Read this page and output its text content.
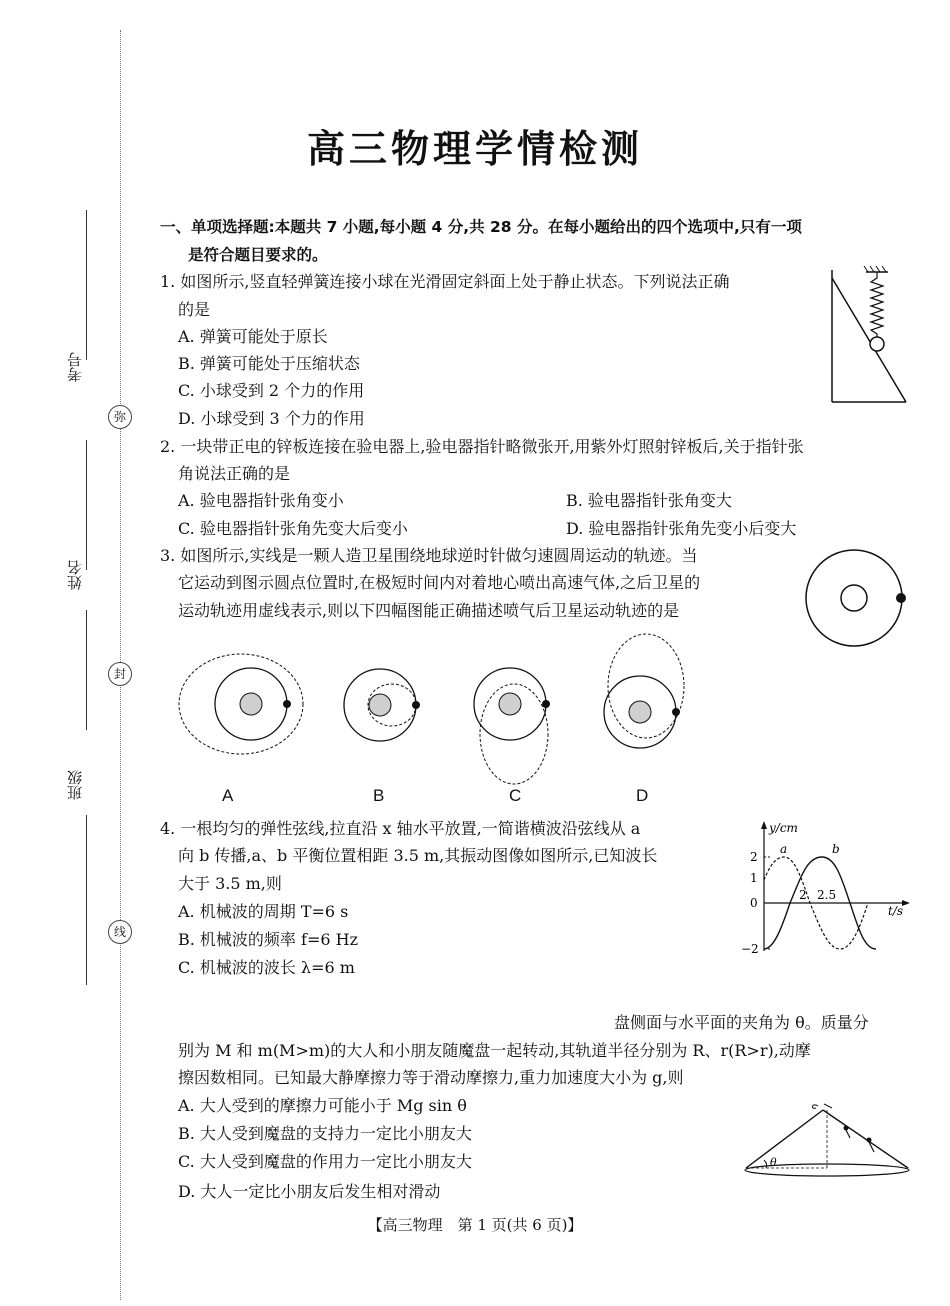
考号
弥
姓名
封
班级
线
高三物理学情检测
一、单项选择题:本题共 7 小题,每小题 4 分,共 28 分。在每小题给出的四个选项中,只有一项
是符合题目要求的。
1. 如图所示,竖直轻弹簧连接小球在光滑固定斜面上处于静止状态。下列说法正确
的是
A. 弹簧可能处于原长
B. 弹簧可能处于压缩状态
C. 小球受到 2 个力的作用
D. 小球受到 3 个力的作用
2. 一块带正电的锌板连接在验电器上,验电器指针略微张开,用紫外灯照射锌板后,关于指针张
角说法正确的是
A. 验电器指针张角变小	B. 验电器指针张角变大
C. 验电器指针张角先变大后变小	D. 验电器指针张角先变小后变大
3. 如图所示,实线是一颗人造卫星围绕地球逆时针做匀速圆周运动的轨迹。当
它运动到图示圆点位置时,在极短时间内对着地心喷出高速气体,之后卫星的
运动轨迹用虚线表示,则以下四幅图能正确描述喷气后卫星运动轨迹的是
A	B	C	D
4. 一根均匀的弹性弦线,拉直沿 x 轴水平放置,一简谐横波沿弦线从 a
向 b 传播,a、b 平衡位置相距 3.5 m,其振动图像如图所示,已知波长
大于 3.5 m,则
A. 机械波的周期 T=6 s
B. 机械波的频率 f=6 Hz
C. 机械波的波长 λ=6 m
y/cm
t/s
2
1
0
−2
2 2.5
a	b
盘侧面与水平面的夹角为 θ。质量分
别为 M 和 m(M>m)的大人和小朋友随魔盘一起转动,其轨道半径分别为 R、r(R>r),动摩
擦因数相同。已知最大静摩擦力等于滑动摩擦力,重力加速度大小为 g,则
A. 大人受到的摩擦力可能小于 Mg sin θ
B. 大人受到魔盘的支持力一定比小朋友大
C. 大人受到魔盘的作用力一定比小朋友大
D. 大人一定比小朋友后发生相对滑动
θ
【高三物理　第 1 页(共 6 页)】
